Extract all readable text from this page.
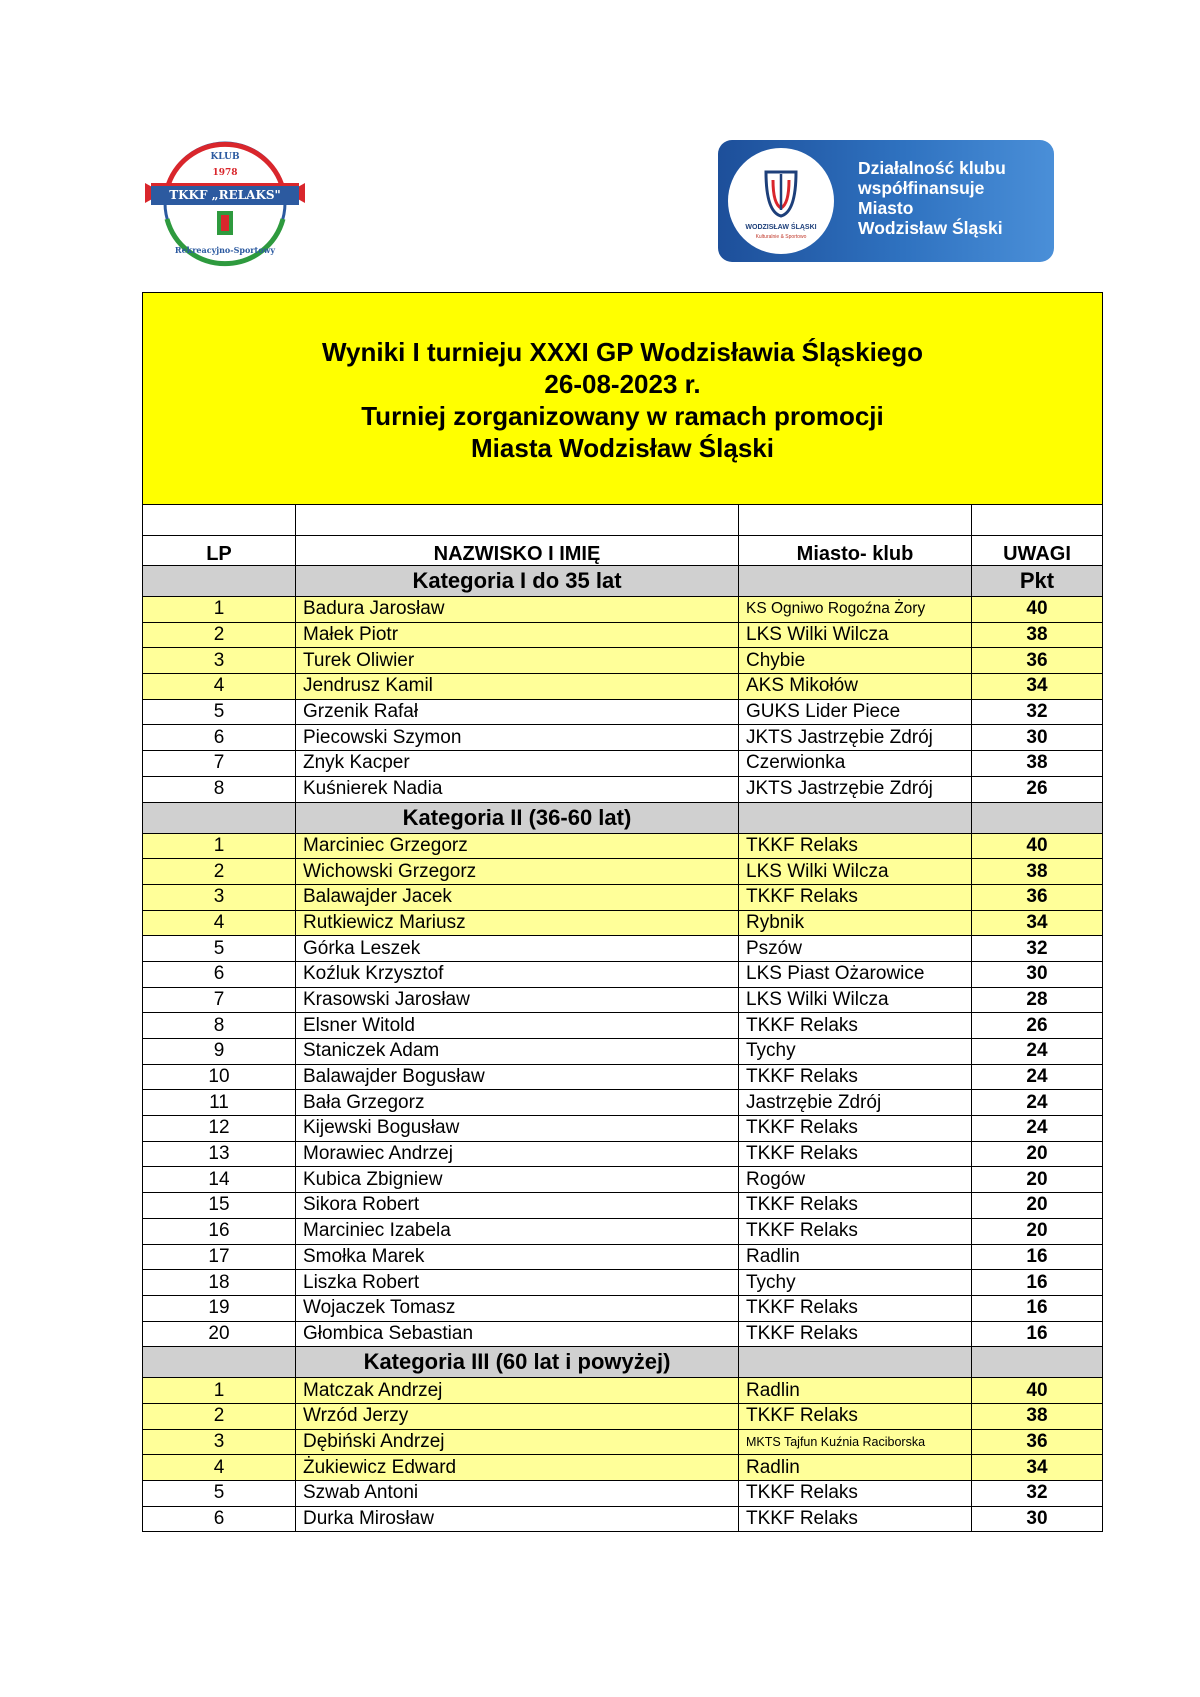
KLUB
1978
TKKF „RELAKS"
Rekreacyjno-Sportowy
WODZISŁAW ŚLĄSKI
Kulturalnie & Sportowo
Działalność klubu
współfinansuje
Miasto
Wodzisław Śląski
Wyniki I turnieju XXXI GP Wodzisławia Śląskiego
26-08-2023 r.
Turniej zorganizowany w ramach promocji
Miasta Wodzisław Śląski			

LP	NAZWISKO I IMIĘ	Miasto- klub	UWAGI
	Kategoria I do 35 lat		Pkt
1	Badura Jarosław	KS Ogniwo Rogoźna Żory	40
2	Małek Piotr	LKS Wilki Wilcza	38
3	Turek Oliwier	Chybie	36
4	Jendrusz Kamil	AKS Mikołów	34
5	Grzenik Rafał	GUKS Lider Piece	32
6	Piecowski Szymon	JKTS Jastrzębie Zdrój	30
7	Znyk Kacper	Czerwionka	38
8	Kuśnierek Nadia	JKTS Jastrzębie Zdrój	26
	Kategoria II (36-60 lat)		
1	Marciniec Grzegorz	TKKF Relaks	40
2	Wichowski Grzegorz	LKS Wilki Wilcza	38
3	Balawajder Jacek	TKKF Relaks	36
4	Rutkiewicz Mariusz	Rybnik	34
5	Górka Leszek	Pszów	32
6	Koźluk Krzysztof	LKS Piast Ożarowice	30
7	Krasowski Jarosław	LKS Wilki Wilcza	28
8	Elsner Witold	TKKF Relaks	26
9	Staniczek Adam	Tychy	24
10	Balawajder Bogusław	TKKF Relaks	24
11	Bała Grzegorz	Jastrzębie Zdrój	24
12	Kijewski Bogusław	TKKF Relaks	24
13	Morawiec Andrzej	TKKF Relaks	20
14	Kubica Zbigniew	Rogów	20
15	Sikora Robert	TKKF Relaks	20
16	Marciniec Izabela	TKKF Relaks	20
17	Smołka Marek	Radlin	16
18	Liszka Robert	Tychy	16
19	Wojaczek Tomasz	TKKF Relaks	16
20	Głombica Sebastian	TKKF Relaks	16
	Kategoria III (60 lat i powyżej)		
1	Matczak Andrzej	Radlin	40
2	Wrzód Jerzy	TKKF Relaks	38
3	Dębiński Andrzej	MKTS Tajfun Kuźnia Raciborska	36
4	Żukiewicz Edward	Radlin	34
5	Szwab Antoni	TKKF Relaks	32
6	Durka Mirosław	TKKF Relaks	30
